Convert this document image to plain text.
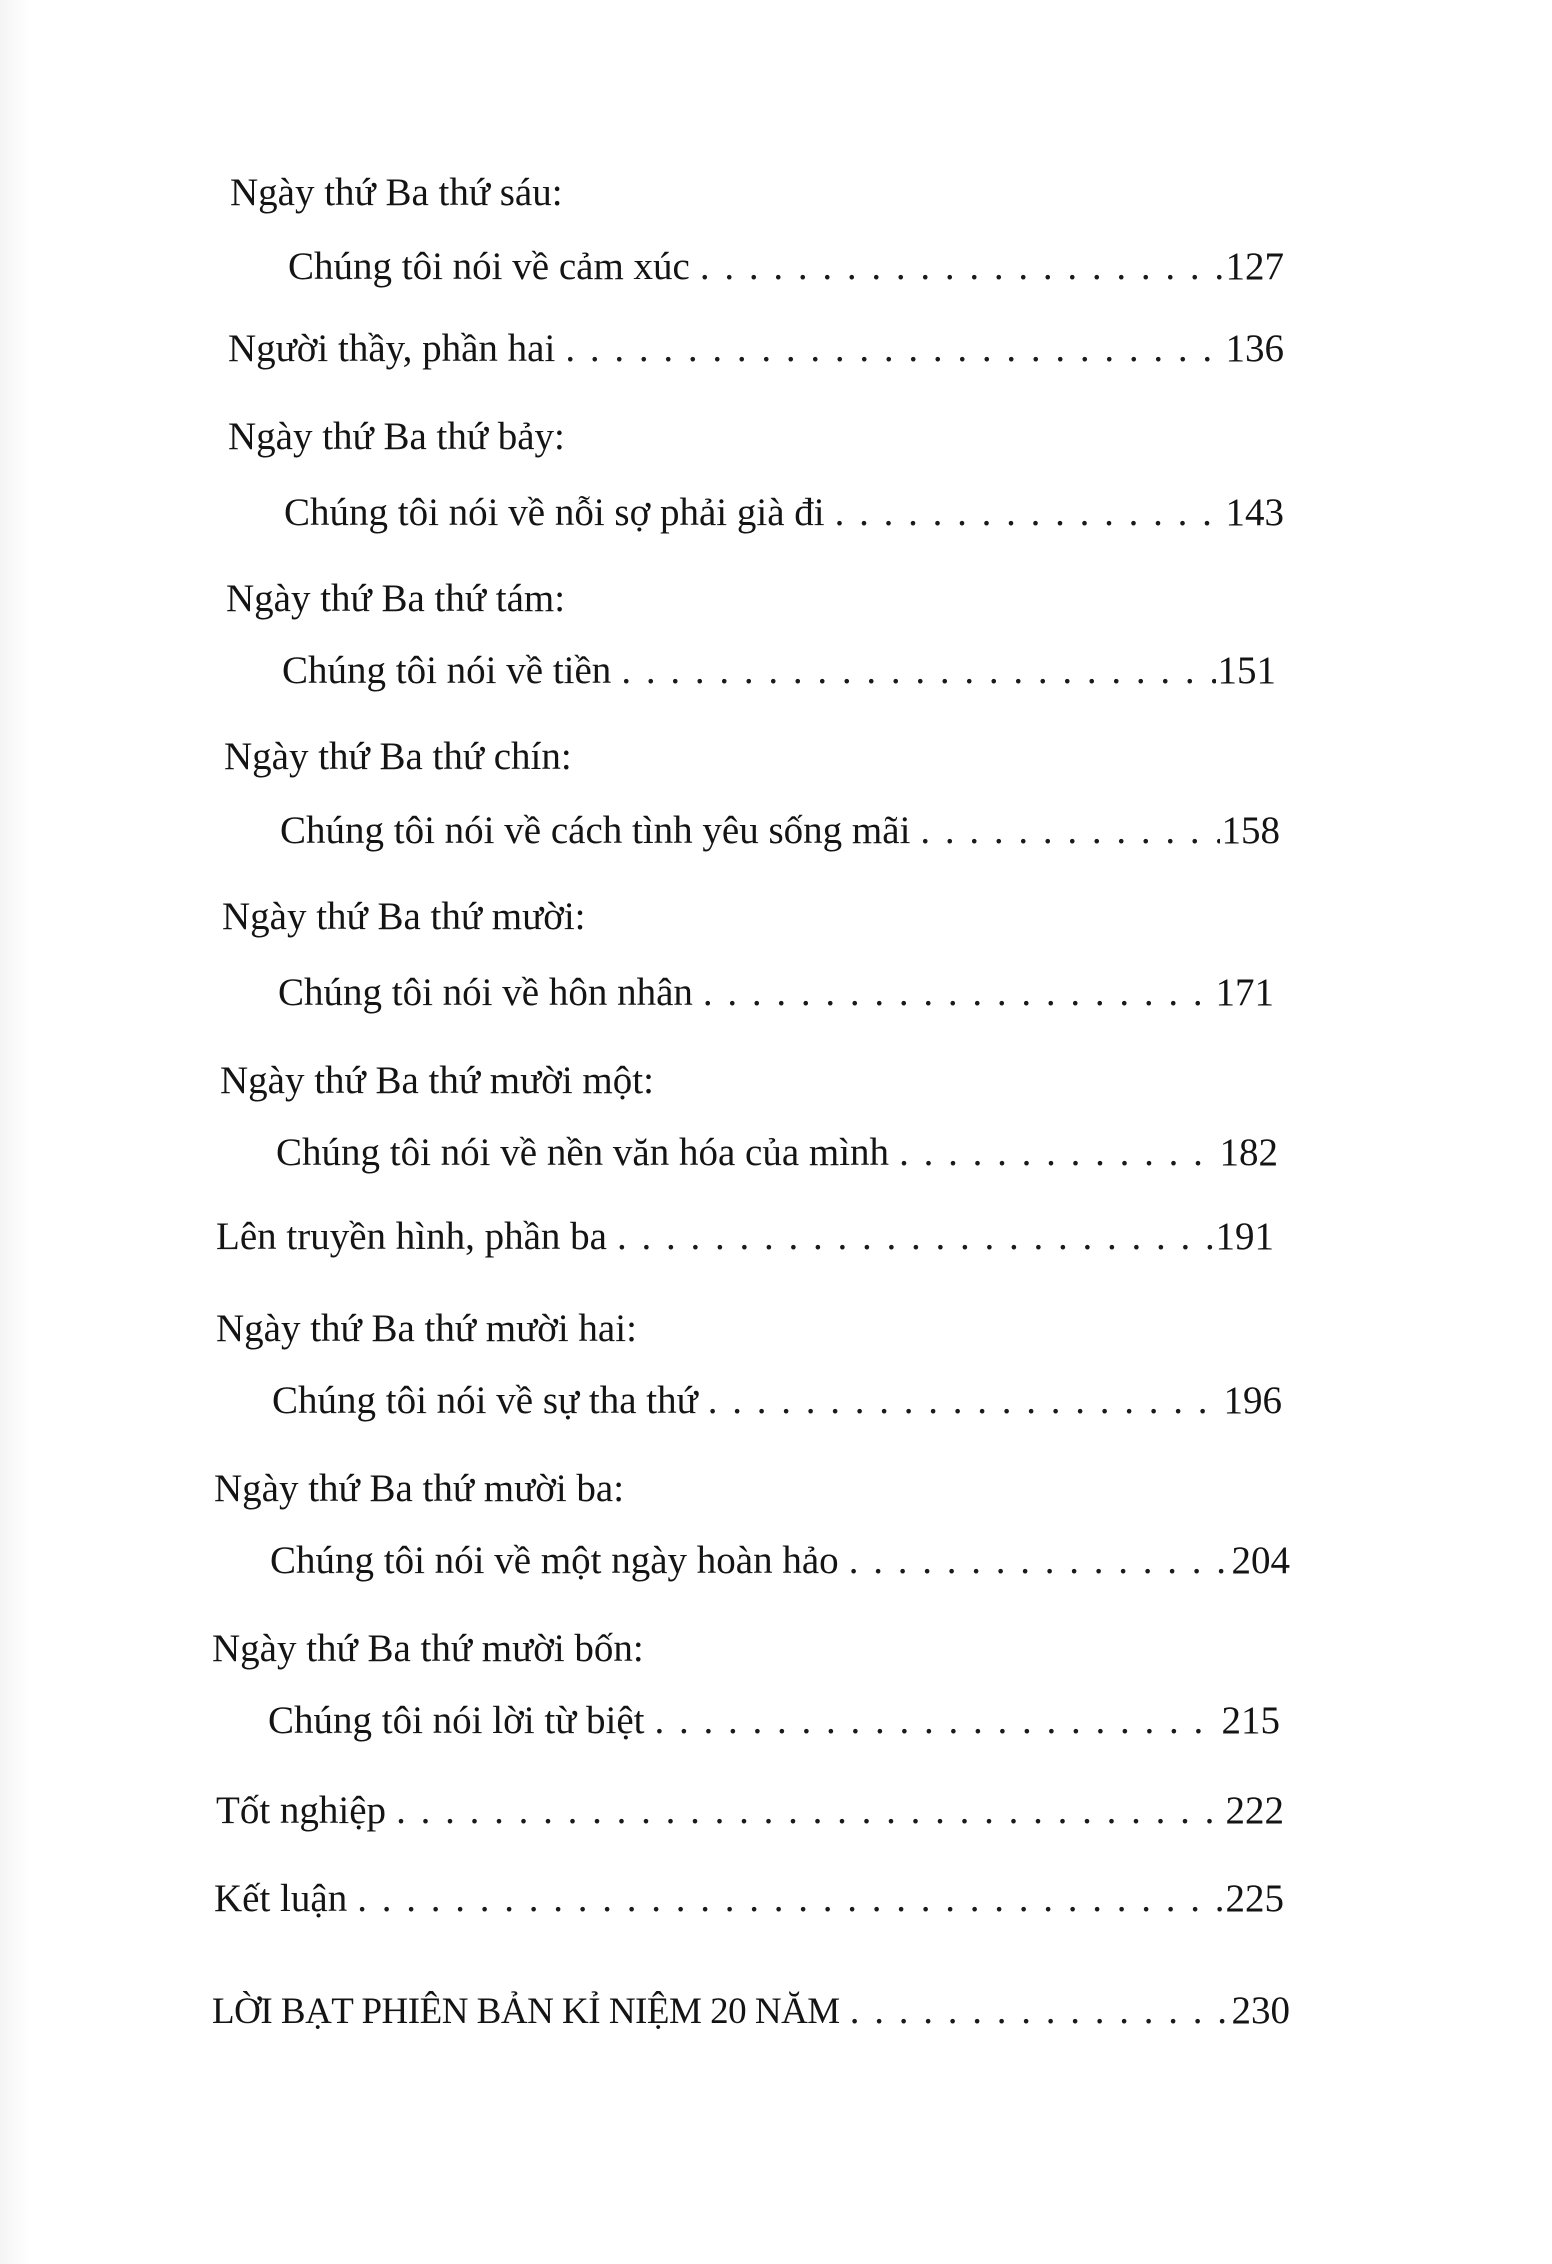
Ngày thứ Ba thứ sáu:
Chúng tôi nói về cảm xúc . . .	127
Người thầy, phần hai . . .	136
Ngày thứ Ba thứ bảy:
Chúng tôi nói về nỗi sợ phải già đi . . .	143
Ngày thứ Ba thứ tám:
Chúng tôi nói về tiền . . .	151
Ngày thứ Ba thứ chín:
Chúng tôi nói về cách tình yêu sống mãi . . .	158
Ngày thứ Ba thứ mười:
Chúng tôi nói về hôn nhân . . .	171
Ngày thứ Ba thứ mười một:
Chúng tôi nói về nền văn hóa của mình . . .	182
Lên truyền hình, phần ba . . .	191
Ngày thứ Ba thứ mười hai:
Chúng tôi nói về sự tha thứ . . .	196
Ngày thứ Ba thứ mười ba:
Chúng tôi nói về một ngày hoàn hảo . . .	204
Ngày thứ Ba thứ mười bốn:
Chúng tôi nói lời từ biệt . . .	215
Tốt nghiệp . . .	222
Kết luận . . .	225
LỜI BẠT PHIÊN BẢN KỈ NIỆM 20 NĂM . . .	230
